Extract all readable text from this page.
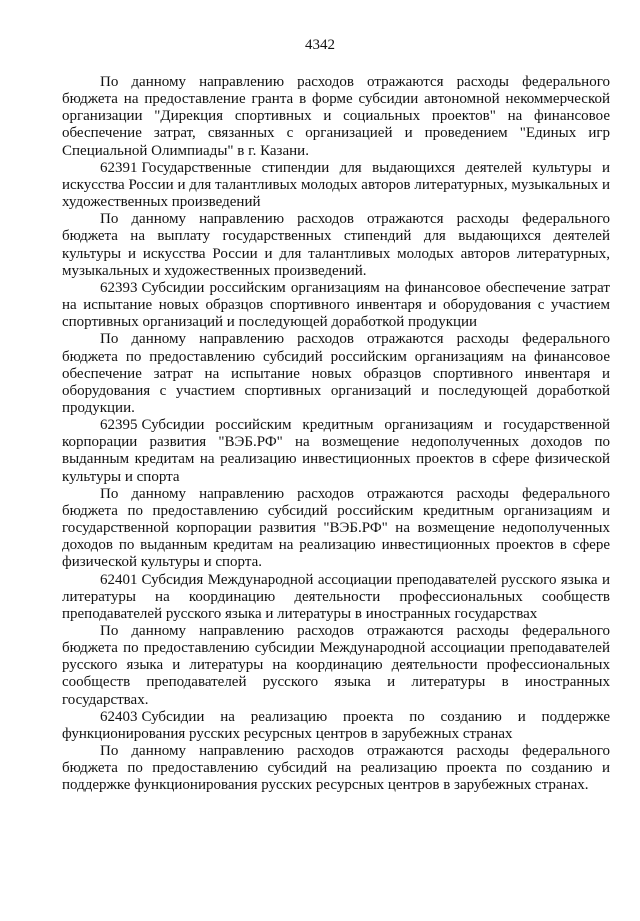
4342

По данному направлению расходов отражаются расходы федерального бюджета на предоставление гранта в форме субсидии автономной некоммерческой организации "Дирекция спортивных и социальных проектов" на финансовое обеспечение затрат, связанных с организацией и проведением "Единых игр Специальной Олимпиады" в г. Казани.

62391 Государственные стипендии для выдающихся деятелей культуры и искусства России и для талантливых молодых авторов литературных, музыкальных и художественных произведений

По данному направлению расходов отражаются расходы федерального бюджета на выплату государственных стипендий для выдающихся деятелей культуры и искусства России и для талантливых молодых авторов литературных, музыкальных и художественных произведений.

62393 Субсидии российским организациям на финансовое обеспечение затрат на испытание новых образцов спортивного инвентаря и оборудования с участием спортивных организаций и последующей доработкой продукции

По данному направлению расходов отражаются расходы федерального бюджета по предоставлению субсидий российским организациям на финансовое обеспечение затрат на испытание новых образцов спортивного инвентаря и оборудования с участием спортивных организаций и последующей доработкой продукции.

62395 Субсидии российским кредитным организациям и государственной корпорации развития "ВЭБ.РФ" на возмещение недополученных доходов по выданным кредитам на реализацию инвестиционных проектов в сфере физической культуры и спорта

По данному направлению расходов отражаются расходы федерального бюджета по предоставлению субсидий российским кредитным организациям и государственной корпорации развития "ВЭБ.РФ" на возмещение недополученных доходов по выданным кредитам на реализацию инвестиционных проектов в сфере физической культуры и спорта.

62401 Субсидия Международной ассоциации преподавателей русского языка и литературы на координацию деятельности профессиональных сообществ преподавателей русского языка и литературы в иностранных государствах

По данному направлению расходов отражаются расходы федерального бюджета по предоставлению субсидии Международной ассоциации преподавателей русского языка и литературы на координацию деятельности профессиональных сообществ преподавателей русского языка и литературы в иностранных государствах.

62403 Субсидии на реализацию проекта по созданию и поддержке функционирования русских ресурсных центров в зарубежных странах

По данному направлению расходов отражаются расходы федерального бюджета по предоставлению субсидий на реализацию проекта по созданию и поддержке функционирования русских ресурсных центров в зарубежных странах.
